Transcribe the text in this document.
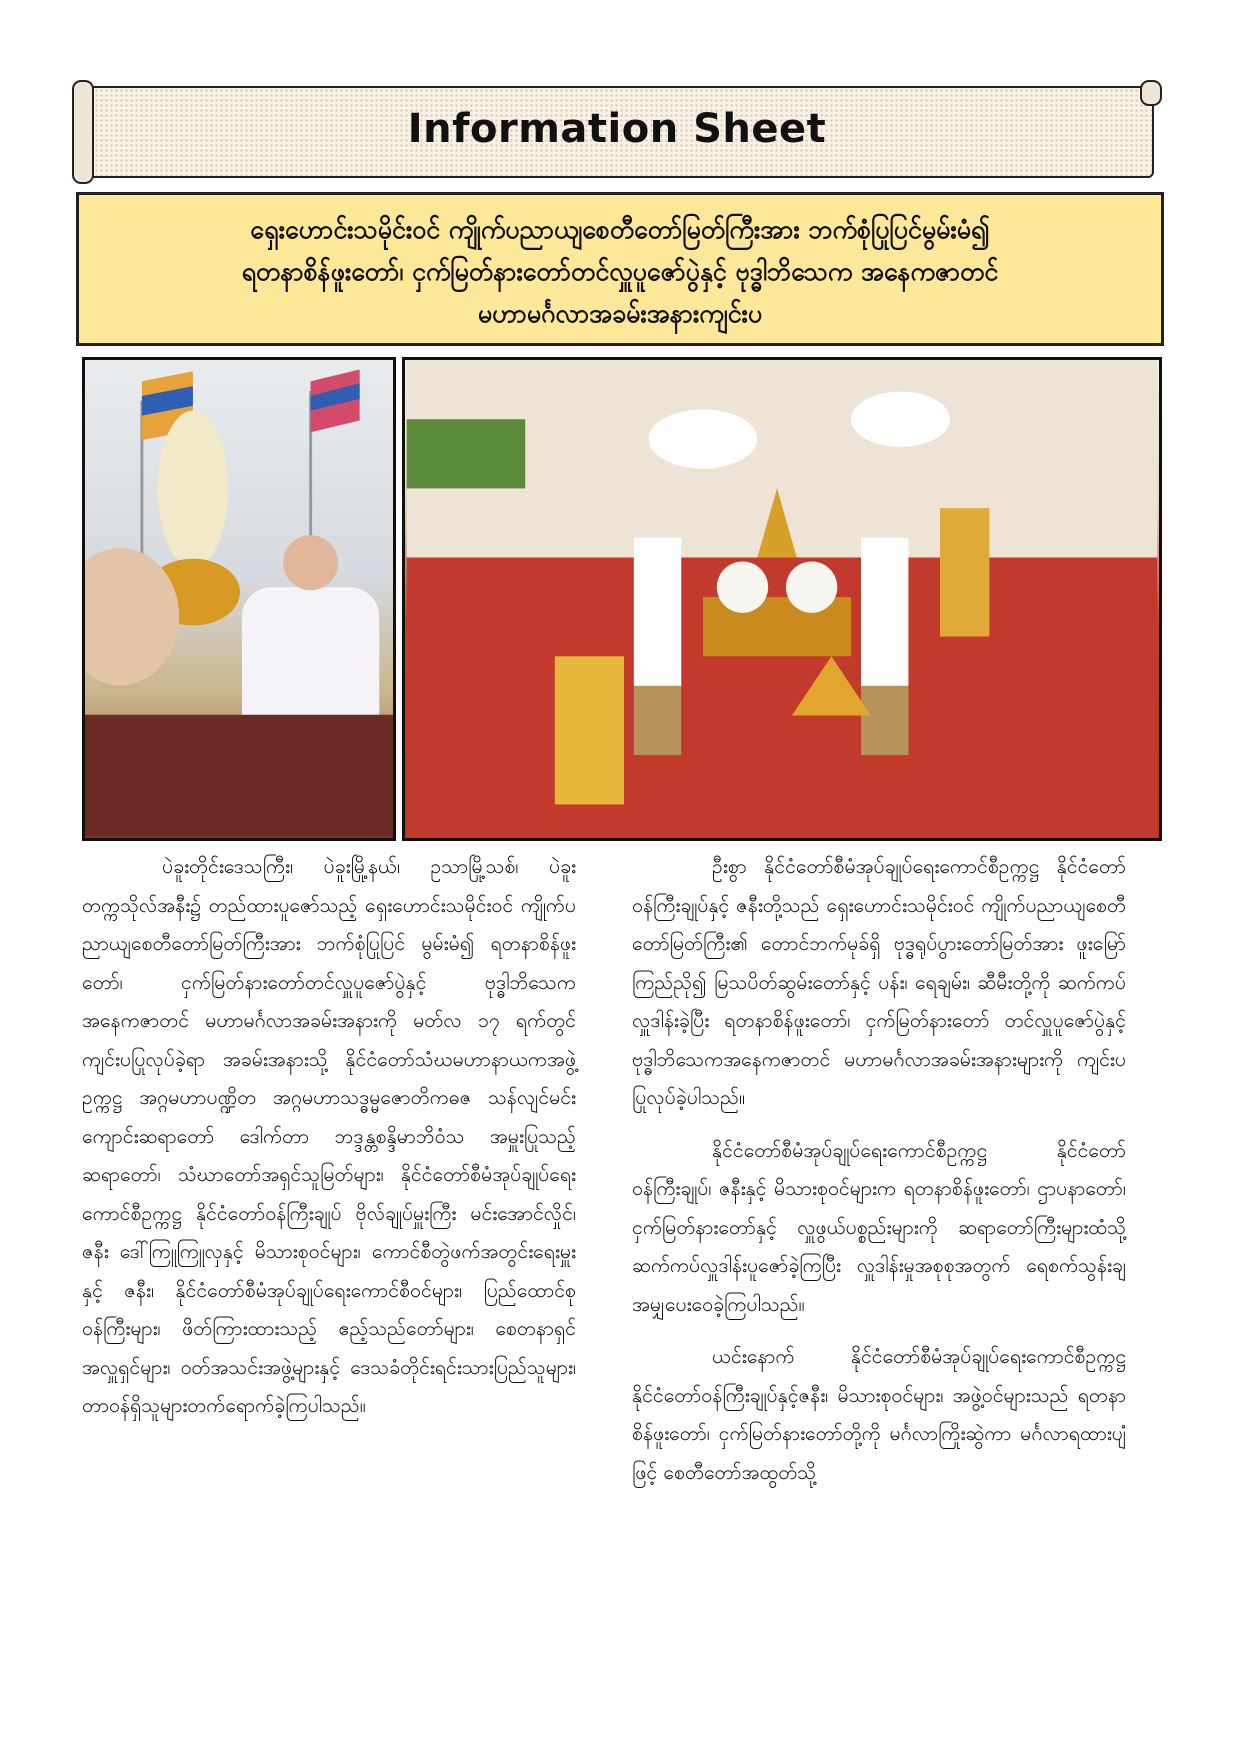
Information Sheet

ရှေးဟောင်းသမိုင်းဝင် ကျိုက်ပညာယျစေတီတော်မြတ်ကြီးအား ဘက်စုံပြုပြင်မွမ်းမံ၍

ရတနာစိန်ဖူးတော်၊ ငှက်မြတ်နားတော်တင်လှူပူဇော်ပွဲနှင့် ဗုဒ္ဓါဘိသေက အနေကဇာတင်

မဟာမင်္ဂလာအခမ်းအနားကျင်းပ

ပဲခူးတိုင်းဒေသကြီး၊ ပဲခူးမြို့နယ်၊ ဥသာမြို့သစ်၊ ပဲခူးတက္ကသိုလ်အနီး၌ တည်ထားပူဇော်သည့် ရှေးဟောင်းသမိုင်းဝင် ကျိုက်ပညာယျစေတီတော်မြတ်ကြီးအား ဘက်စုံပြုပြင် မွမ်းမံ၍ ရတနာစိန်ဖူးတော်၊ ငှက်မြတ်နားတော်တင်လှူပူဇော်ပွဲနှင့် ဗုဒ္ဓါဘိသေကအနေကဇာတင် မဟာမင်္ဂလာအခမ်းအနားကို မတ်လ ၁၇ ရက်တွင် ကျင်းပပြုလုပ်ခဲ့ရာ အခမ်းအနားသို့ နိုင်ငံတော်သံဃမဟာနာယကအဖွဲ့ဥက္ကဋ္ဌ အဂ္ဂမဟာပဏ္ဍိတ အဂ္ဂမဟာသဒ္ဓမ္မဇောတိကဓဇ သန်လျင်မင်းကျောင်းဆရာတော် ဒေါက်တာ ဘဒ္ဒန္တစန္ဒိမာဘိဝံသ အမှူးပြုသည့် ဆရာတော်၊ သံဃာတော်အရှင်သူမြတ်များ၊ နိုင်ငံတော်စီမံအုပ်ချုပ်ရေးကောင်စီဥက္ကဋ္ဌ နိုင်ငံတော်ဝန်ကြီးချုပ် ဗိုလ်ချုပ်မှူးကြီး မင်းအောင်လှိုင်၊ ဇနီး ဒေါ်ကြူကြူလှနှင့် မိသားစုဝင်များ၊ ကောင်စီတွဲဖက်အတွင်းရေးမှူးနှင့် ဇနီး၊ နိုင်ငံတော်စီမံအုပ်ချုပ်ရေးကောင်စီဝင်များ၊ ပြည်ထောင်စုဝန်ကြီးများ၊ ဖိတ်ကြားထားသည့် ဧည့်သည်တော်များ၊ စေတနာရှင်အလှူရှင်များ၊ ဝတ်အသင်းအဖွဲ့များနှင့် ဒေသခံတိုင်းရင်းသားပြည်သူများ၊ တာဝန်ရှိသူများတက်ရောက်ခဲ့ကြပါသည်။

ဦးစွာ နိုင်ငံတော်စီမံအုပ်ချုပ်ရေးကောင်စီဥက္ကဋ္ဌ နိုင်ငံတော်ဝန်ကြီးချုပ်နှင့် ဇနီးတို့သည် ရှေးဟောင်းသမိုင်းဝင် ကျိုက်ပညာယျစေတီတော်မြတ်ကြီး၏ တောင်ဘက်မုခ်ရှိ ဗုဒ္ဓရုပ်ပွားတော်မြတ်အား ဖူးမြော်ကြည်ညို၍ မြသပိတ်ဆွမ်းတော်နှင့် ပန်း၊ ရေချမ်း၊ ဆီမီးတို့ကို ဆက်ကပ်လှူဒါန်းခဲ့ပြီး ရတနာစိန်ဖူးတော်၊ ငှက်မြတ်နားတော် တင်လှူပူဇော်ပွဲနှင့် ဗုဒ္ဓါဘိသေကအနေကဇာတင် မဟာမင်္ဂလာအခမ်းအနားများကို ကျင်းပပြုလုပ်ခဲ့ပါသည်။

နိုင်ငံတော်စီမံအုပ်ချုပ်ရေးကောင်စီဥက္ကဋ္ဌ နိုင်ငံတော်ဝန်ကြီးချုပ်၊ ဇနီးနှင့် မိသားစုဝင်များက ရတနာစိန်ဖူးတော်၊ ဌာပနာတော်၊ ငှက်မြတ်နားတော်နှင့် လှူဖွယ်ပစ္စည်းများကို ဆရာတော်ကြီးများထံသို့ ဆက်ကပ်လှူဒါန်းပူဇော်ခဲ့ကြပြီး လှူဒါန်းမှုအစုစုအတွက် ရေစက်သွန်းချအမျှပေးဝေခဲ့ကြပါသည်။

ယင်းနောက် နိုင်ငံတော်စီမံအုပ်ချုပ်ရေးကောင်စီဥက္ကဋ္ဌ နိုင်ငံတော်ဝန်ကြီးချုပ်နှင့်ဇနီး၊ မိသားစုဝင်များ၊ အဖွဲ့ဝင်များသည် ရတနာစိန်ဖူးတော်၊ ငှက်မြတ်နားတော်တို့ကို မင်္ဂလာကြိုးဆွဲကာ မင်္ဂလာရထားပျံဖြင့် စေတီတော်အထွတ်သို့
